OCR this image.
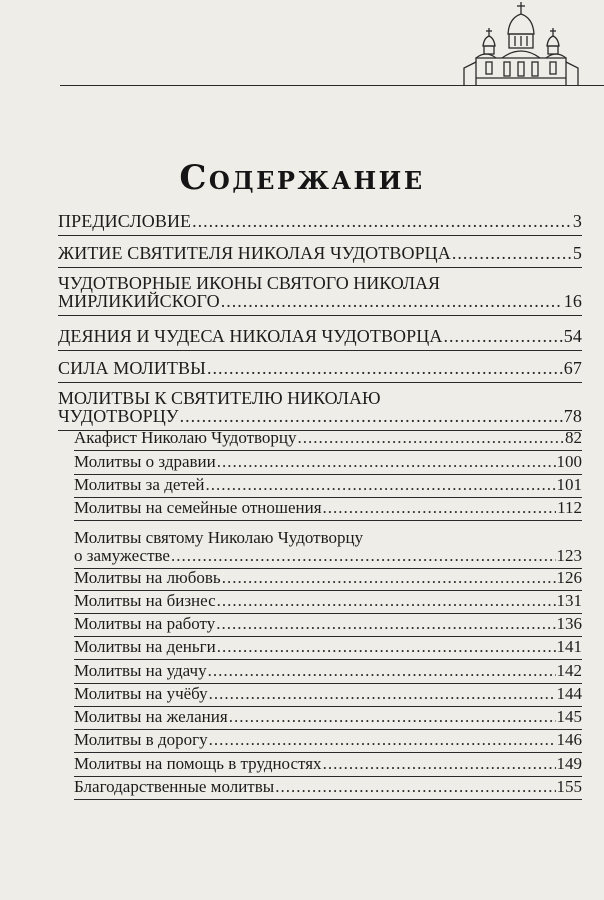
Содержание
ПРЕДИСЛОВИЕ .....	3
ЖИТИЕ СВЯТИТЕЛЯ НИКОЛАЯ ЧУДОТВОРЦА .....	5
ЧУДОТВОРНЫЕ ИКОНЫ СВЯТОГО НИКОЛАЯ
МИРЛИКИЙСКОГО .....	16
ДЕЯНИЯ И ЧУДЕСА НИКОЛАЯ ЧУДОТВОРЦА .....	54
СИЛА МОЛИТВЫ .....	67
МОЛИТВЫ К СВЯТИТЕЛЮ НИКОЛАЮ
ЧУДОТВОРЦУ .....	78
Акафист Николаю Чудотворцу .....	82
Молитвы о здравии .....	100
Молитвы за детей .....	101
Молитвы на семейные отношения .....	112
Молитвы святому Николаю Чудотворцу
о замужестве .....	123
Молитвы на любовь .....	126
Молитвы на бизнес .....	131
Молитвы на работу .....	136
Молитвы на деньги .....	141
Молитвы на удачу .....	142
Молитвы на учёбу .....	144
Молитвы на желания .....	145
Молитвы в дорогу .....	146
Молитвы на помощь в трудностях .....	149
Благодарственные молитвы .....	155
